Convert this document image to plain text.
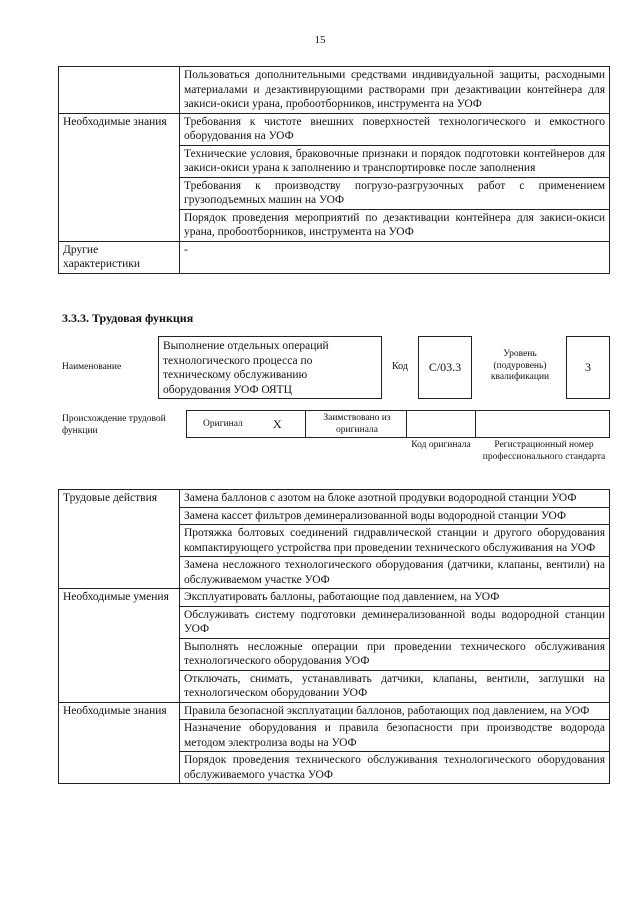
15
	Пользоваться дополнительными средствами индивидуальной защиты, расходными материалами и дезактивирующими растворами при дезактивации контейнера для закиси-окиси урана, пробоотборников, инструмента на УОФ
Необходимые знания	Требования к чистоте внешних поверхностей технологического и емкостного оборудования на УОФ
	Технические условия, браковочные признаки и порядок подготовки контейнеров для закиси-окиси урана к заполнению и транспортировке после заполнения
	Требования к производству погрузо-разгрузочных работ с применением грузоподъемных машин на УОФ
	Порядок проведения мероприятий по дезактивации контейнера для закиси-окиси урана, пробоотборников, инструмента на УОФ
Другие характеристики	-
3.3.3. Трудовая функция
Наименование
Выполнение отдельных операций технологического процесса по техническому обслуживанию оборудования УОФ ОЯТЦ
Код	С/03.3
Уровень (подуровень) квалификации
3
Происхождение трудовой функции
Оригинал	Х	Заимствовано из оригинала
Код оригинала	Регистрационный номер профессионального стандарта
Трудовые действия	Замена баллонов с азотом на блоке азотной продувки водородной станции УОФ
	Замена кассет фильтров деминерализованной воды водородной станции УОФ
	Протяжка болтовых соединений гидравлической станции и другого оборудования компактирующего устройства при проведении технического обслуживания на УОФ
	Замена несложного технологического оборудования (датчики, клапаны, вентили) на обслуживаемом участке УОФ
Необходимые умения	Эксплуатировать баллоны, работающие под давлением, на УОФ
	Обслуживать систему подготовки деминерализованной воды водородной станции УОФ
	Выполнять несложные операции при проведении технического обслуживания технологического оборудования УОФ
	Отключать, снимать, устанавливать датчики, клапаны, вентили, заглушки на технологическом оборудовании УОФ
Необходимые знания	Правила безопасной эксплуатации баллонов, работающих под давлением, на УОФ
	Назначение оборудования и правила безопасности при производстве водорода методом электролиза воды на УОФ
	Порядок проведения технического обслуживания технологического оборудования обслуживаемого участка УОФ
